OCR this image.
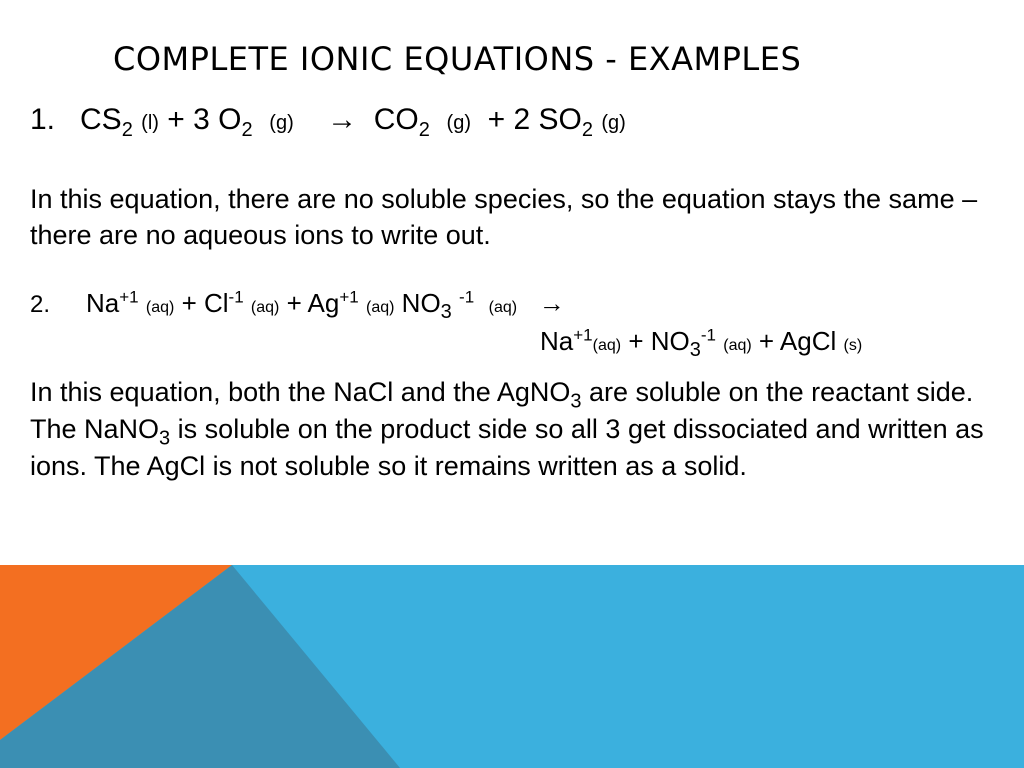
COMPLETE IONIC EQUATIONS - EXAMPLES
1. $CS_2$ (l) + 3 $O_2$ $(g) \to CO_2$ (g) + 2 $SO_2$ (g)
In this equation, there are no soluble species, so the equation stays the same – there are no aqueous ions to write out.
2. $Na^{+1}$ $(aq) + Cl^{-1}$ $(aq) + Ag^{+1}$ (aq) $NO_3$ $^{-1}$  (aq) →
$Na^{+1}(aq) + NO_3^{-1}$ (aq) + AgCl (s)
In this equation, both the NaCl and the AgNO$_3$ are soluble on the reactant side. The NaNO$_3$ is soluble on the product side so all 3 get dissociated and written as ions. The AgCl is not soluble so it remains written as a solid.
